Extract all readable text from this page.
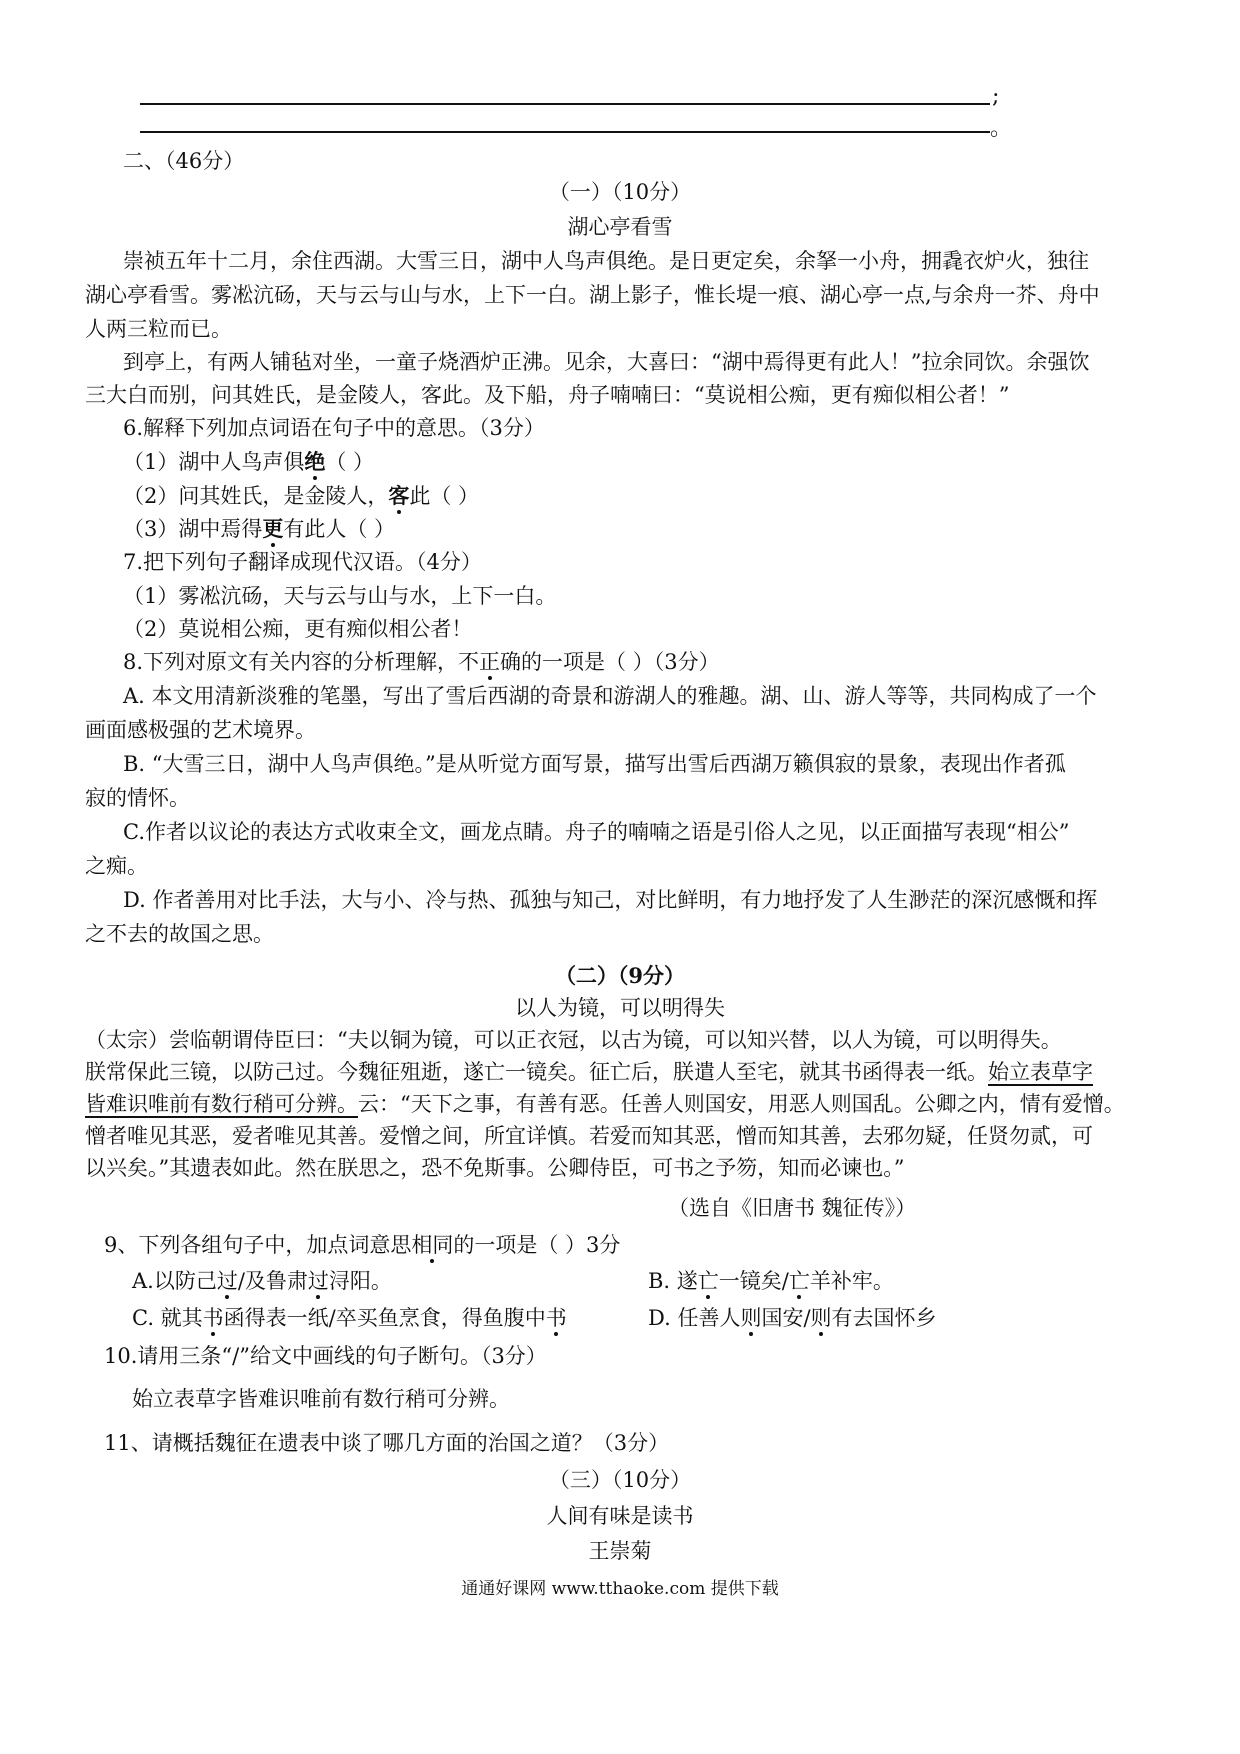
;
。
二、（46分）
（一）（10分）
湖心亭看雪
崇祯五年十二月，余住西湖。大雪三日，湖中人鸟声俱绝。是日更定矣，余拏一小舟，拥毳衣炉火，独往
湖心亭看雪。雾凇沆砀，天与云与山与水，上下一白。湖上影子，惟长堤一痕、湖心亭一点,与余舟一芥、舟中
人两三粒而已。
到亭上，有两人铺毡对坐，一童子烧酒炉正沸。见余，大喜曰：“湖中焉得更有此人！”拉余同饮。余强饮
三大白而别，问其姓氏，是金陵人，客此。及下船，舟子喃喃曰：“莫说相公痴，更有痴似相公者！”
6.解释下列加点词语在句子中的意思。（3分）
（1）湖中人鸟声俱绝（ ）
（2）问其姓氏，是金陵人，客此（ ）
（3）湖中焉得更有此人（ ）
7.把下列句子翻译成现代汉语。（4分）
（1）雾凇沆砀，天与云与山与水，上下一白。
（2）莫说相公痴，更有痴似相公者！
8.下列对原文有关内容的分析理解，不正确的一项是（ ）（3分）
A. 本文用清新淡雅的笔墨，写出了雪后西湖的奇景和游湖人的雅趣。湖、山、游人等等，共同构成了一个
画面感极强的艺术境界。
B. “大雪三日，湖中人鸟声俱绝。”是从听觉方面写景，描写出雪后西湖万籁俱寂的景象，表现出作者孤
寂的情怀。
C.作者以议论的表达方式收束全文，画龙点睛。舟子的喃喃之语是引俗人之见，以正面描写表现“相公”
之痴。
D. 作者善用对比手法，大与小、冷与热、孤独与知己，对比鲜明，有力地抒发了人生渺茫的深沉感慨和挥
之不去的故国之思。
（二）（9分）
以人为镜，可以明得失
（太宗）尝临朝谓侍臣曰：“夫以铜为镜，可以正衣冠，以古为镜，可以知兴替，以人为镜，可以明得失。
朕常保此三镜，以防己过。今魏征殂逝，遂亡一镜矣。征亡后，朕遣人至宅，就其书函得表一纸。始立表草字
皆难识唯前有数行稍可分辨。云：“天下之事，有善有恶。任善人则国安，用恶人则国乱。公卿之内，情有爱憎。
憎者唯见其恶，爱者唯见其善。爱憎之间，所宜详慎。若爱而知其恶，憎而知其善，去邪勿疑，任贤勿贰，可
以兴矣。”其遗表如此。然在朕思之，恐不免斯事。公卿侍臣，可书之予笏，知而必谏也。”
（选自《旧唐书 魏征传》）
9、下列各组句子中，加点词意思相同的一项是（ ）3分
A.以防己过/及鲁肃过浔阳。	B. 遂亡一镜矣/亡羊补牢。
C. 就其书函得表一纸/卒买鱼烹食，得鱼腹中书	D. 任善人则国安/则有去国怀乡
10.请用三条“/”给文中画线的句子断句。（3分）
始立表草字皆难识唯前有数行稍可分辨。
11、请概括魏征在遗表中谈了哪几方面的治国之道？（3分）
（三）（10分）
人间有味是读书
王崇菊
通通好课网 www.tthaoke.com 提供下载
